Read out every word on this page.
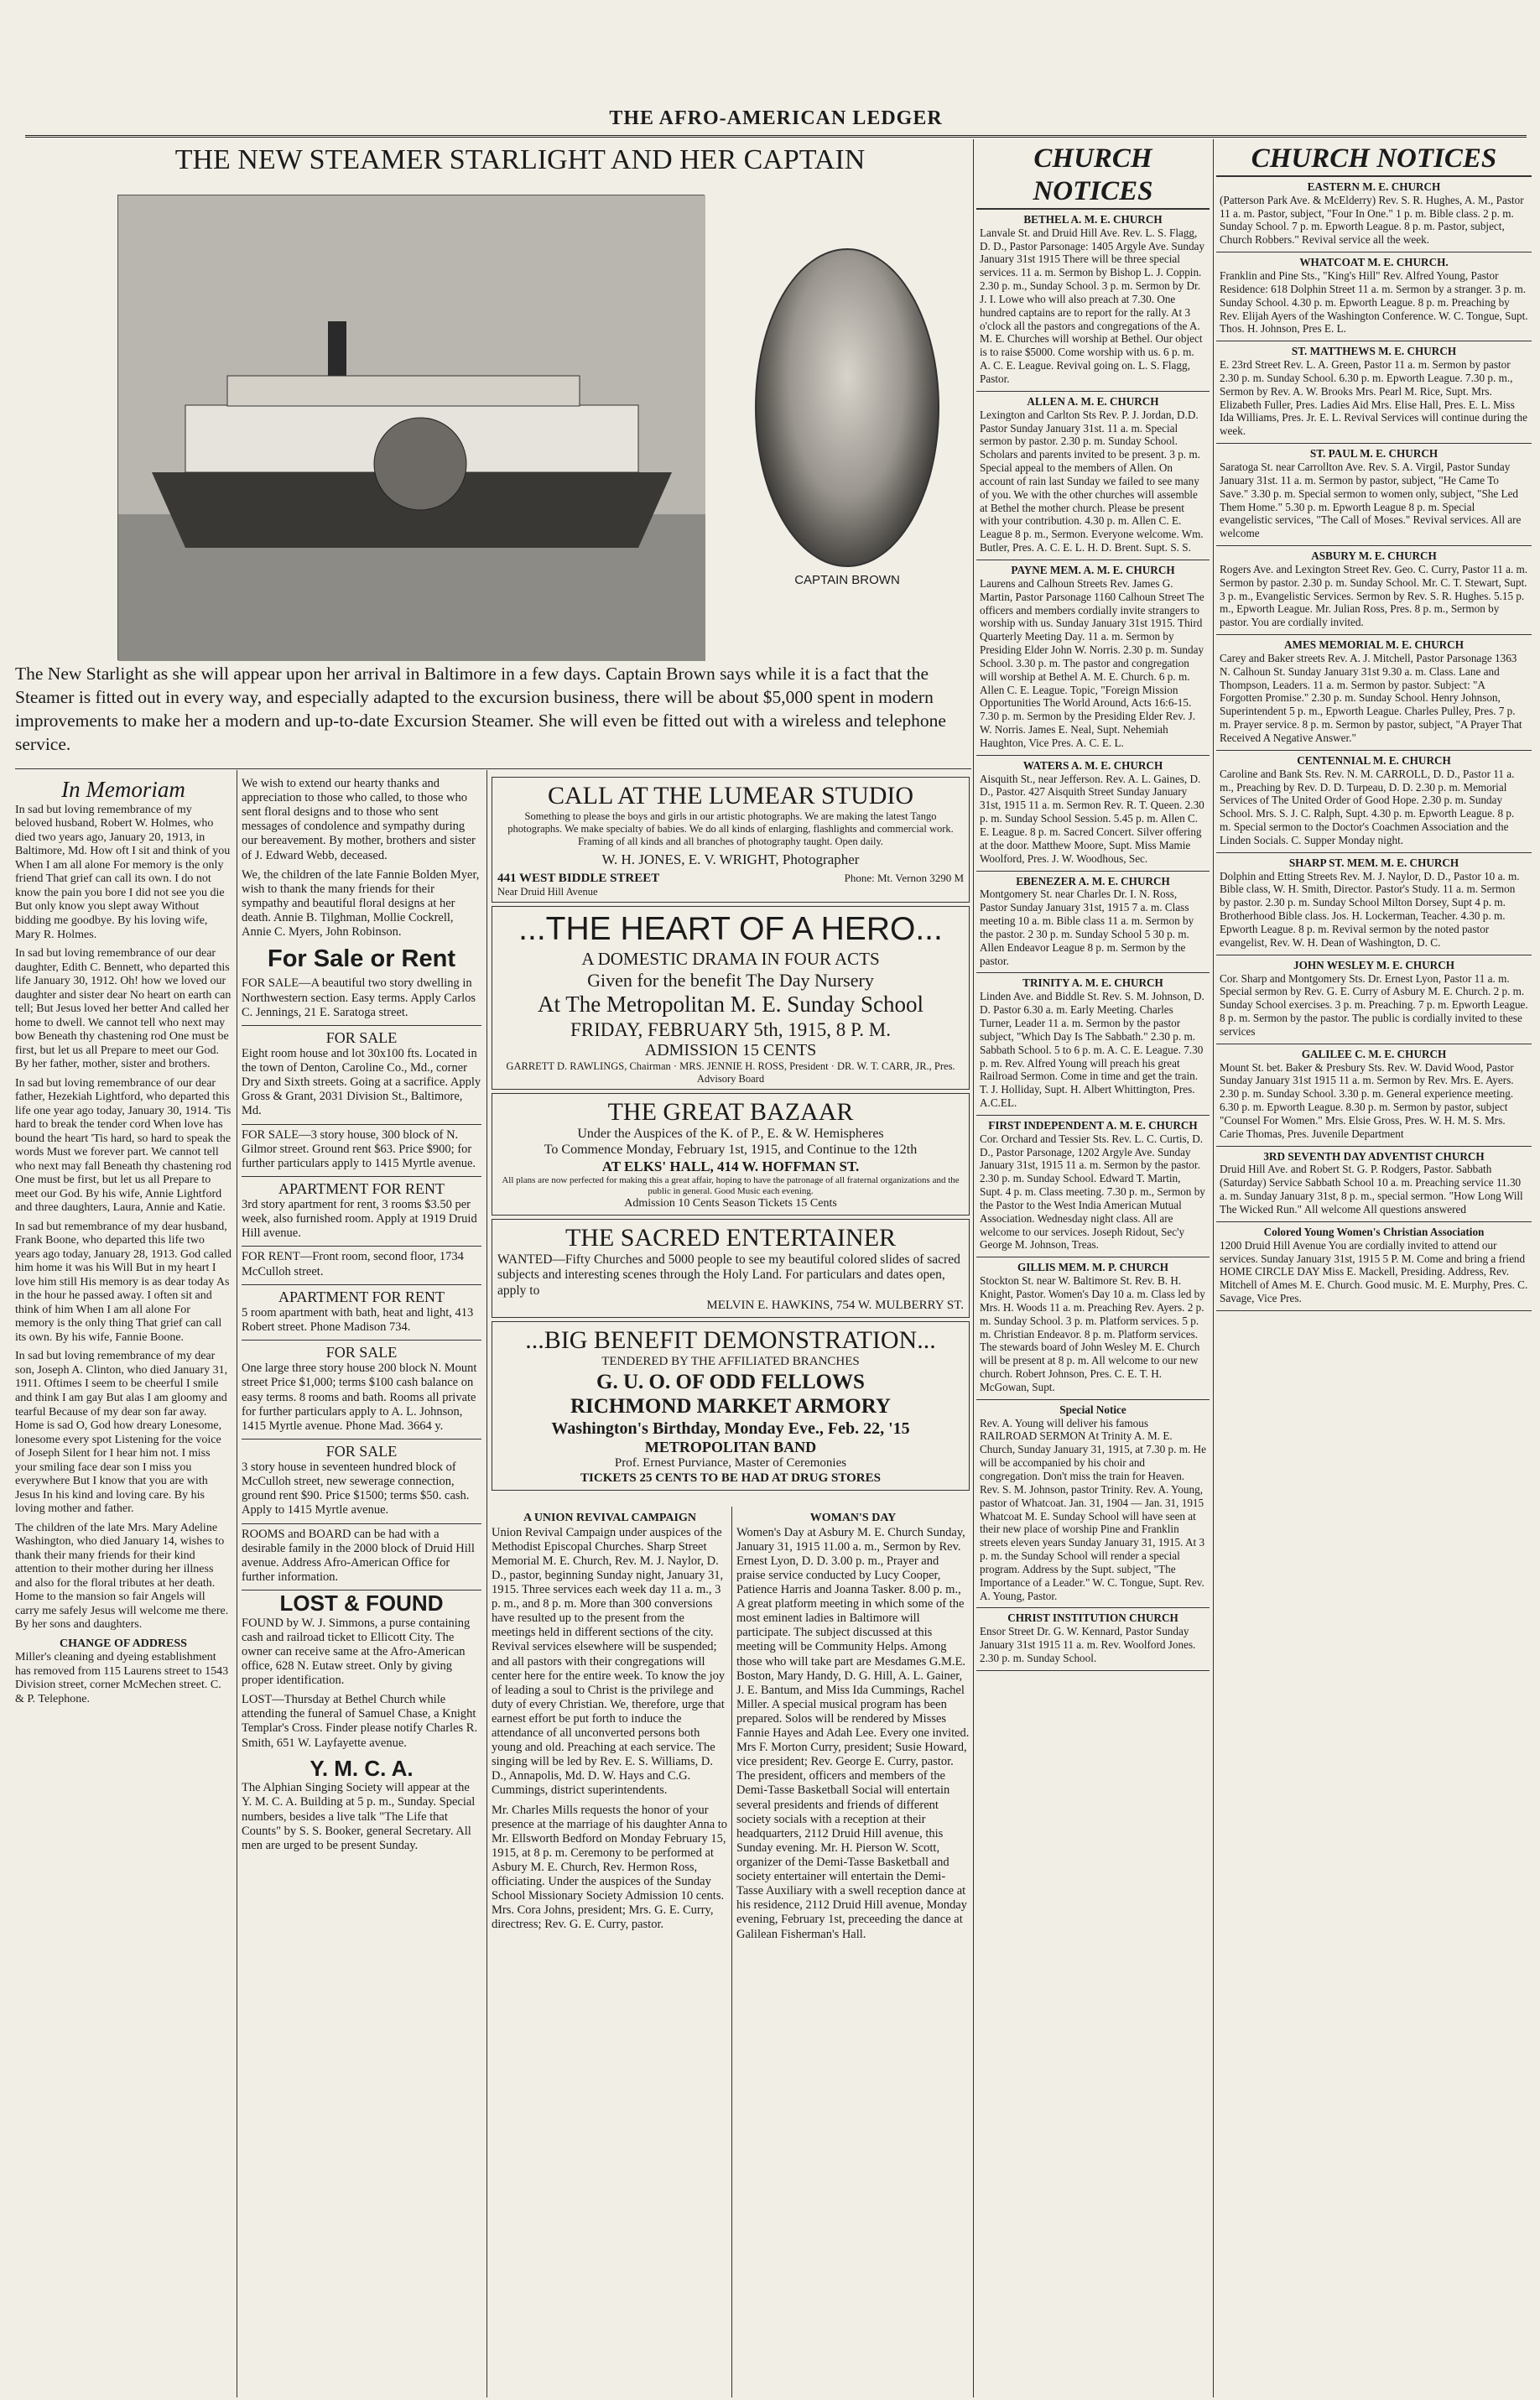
THE AFRO-AMERICAN LEDGER
THE NEW STEAMER STARLIGHT AND HER CAPTAIN
CAPTAIN BROWN
The New Starlight as she will appear upon her arrival in Baltimore in a few days. Captain Brown says while it is a fact that the Steamer is fitted out in every way, and especially adapted to the excursion business, there will be about $5,000 spent in modern improvements to make her a modern and up-to-date Excursion Steamer. She will even be fitted out with a wireless and telephone service.
In Memoriam

In sad but loving remembrance of my beloved husband, Robert W. Holmes, who died two years ago, January 20, 1913, in Baltimore, Md. How oft I sit and think of you When I am all alone For memory is the only friend That grief can call its own. I do not know the pain you bore I did not see you die But only know you slept away Without bidding me goodbye. By his loving wife, Mary R. Holmes.

In sad but loving remembrance of our dear daughter, Edith C. Bennett, who departed this life January 30, 1912. Oh! how we loved our daughter and sister dear No heart on earth can tell; But Jesus loved her better And called her home to dwell. We cannot tell who next may bow Beneath thy chastening rod One must be first, but let us all Prepare to meet our God. By her father, mother, sister and brothers.

In sad but loving remembrance of our dear father, Hezekiah Lightford, who departed this life one year ago today, January 30, 1914. 'Tis hard to break the tender cord When love has bound the heart 'Tis hard, so hard to speak the words Must we forever part. We cannot tell who next may fall Beneath thy chastening rod One must be first, but let us all Prepare to meet our God. By his wife, Annie Lightford and three daughters, Laura, Annie and Katie.

In sad but remembrance of my dear husband, Frank Boone, who departed this life two years ago today, January 28, 1913. God called him home it was his Will But in my heart I love him still His memory is as dear today As in the hour he passed away. I often sit and think of him When I am all alone For memory is the only thing That grief can call its own. By his wife, Fannie Boone.

In sad but loving remembrance of my dear son, Joseph A. Clinton, who died January 31, 1911. Oftimes I seem to be cheerful I smile and think I am gay But alas I am gloomy and tearful Because of my dear son far away. Home is sad O, God how dreary Lonesome, lonesome every spot Listening for the voice of Joseph Silent for I hear him not. I miss your smiling face dear son I miss you everywhere But I know that you are with Jesus In his kind and loving care. By his loving mother and father.

The children of the late Mrs. Mary Adeline Washington, who died January 14, wishes to thank their many friends for their kind attention to their mother during her illness and also for the floral tributes at her death. Home to the mansion so fair Angels will carry me safely Jesus will welcome me there. By her sons and daughters.

CHANGE OF ADDRESS

Miller's cleaning and dyeing establishment has removed from 115 Laurens street to 1543 Division street, corner McMechen street. C. & P. Telephone.

We wish to extend our hearty thanks and appreciation to those who called, to those who sent floral designs and to those who sent messages of condolence and sympathy during our bereavement. By mother, brothers and sister of J. Edward Webb, deceased.

We, the children of the late Fannie Bolden Myer, wish to thank the many friends for their sympathy and beautiful floral designs at her death. Annie B. Tilghman, Mollie Cockrell, Annie C. Myers, John Robinson.

For Sale or Rent
FOR SALE—A beautiful two story dwelling in Northwestern section. Easy terms. Apply Carlos C. Jennings, 21 E. Saratoga street.
FOR SALE
Eight room house and lot 30x100 fts. Located in the town of Denton, Caroline Co., Md., corner Dry and Sixth streets. Going at a sacrifice. Apply Gross & Grant, 2031 Division St., Baltimore, Md.
FOR SALE—3 story house, 300 block of N. Gilmor street. Ground rent $63. Price $900; for further particulars apply to 1415 Myrtle avenue.
APARTMENT FOR RENT
3rd story apartment for rent, 3 rooms $3.50 per week, also furnished room. Apply at 1919 Druid Hill avenue.
FOR RENT—Front room, second floor, 1734 McCulloh street.
APARTMENT FOR RENT
5 room apartment with bath, heat and light, 413 Robert street. Phone Madison 734.
FOR SALE
One large three story house 200 block N. Mount street Price $1,000; terms $100 cash balance on easy terms. 8 rooms and bath. Rooms all private for further particulars apply to A. L. Johnson, 1415 Myrtle avenue. Phone Mad. 3664 y.
FOR SALE
3 story house in seventeen hundred block of McCulloh street, new sewerage connection, ground rent $90. Price $1500; terms $50. cash. Apply to 1415 Myrtle avenue.
ROOMS and BOARD can be had with a desirable family in the 2000 block of Druid Hill avenue. Address Afro-American Office for further information.
LOST & FOUND

FOUND by W. J. Simmons, a purse containing cash and railroad ticket to Ellicott City. The owner can receive same at the Afro-American office, 628 N. Eutaw street. Only by giving proper identification.

LOST—Thursday at Bethel Church while attending the funeral of Samuel Chase, a Knight Templar's Cross. Finder please notify Charles R. Smith, 651 W. Layfayette avenue.

Y. M. C. A.

The Alphian Singing Society will appear at the Y. M. C. A. Building at 5 p. m., Sunday. Special numbers, besides a live talk "The Life that Counts" by S. S. Booker, general Secretary. All men are urged to be present Sunday.

CALL AT THE LUMEAR STUDIO
Something to please the boys and girls in our artistic photographs. We are making the latest Tango photographs. We make specialty of babies. We do all kinds of enlarging, flashlights and commercial work. Framing of all kinds and all branches of photography taught. Open daily.
W. H. JONES, E. V. WRIGHT, Photographer
441 WEST BIDDLE STREET	Phone: Mt. Vernon 3290 M
Near Druid Hill Avenue
...THE HEART OF A HERO...
A DOMESTIC DRAMA IN FOUR ACTS
Given for the benefit The Day Nursery
At The Metropolitan M. E. Sunday School
FRIDAY, FEBRUARY 5th, 1915, 8 P. M.
ADMISSION 15 CENTS
GARRETT D. RAWLINGS, Chairman · MRS. JENNIE H. ROSS, President · DR. W. T. CARR, JR., Pres. Advisory Board
THE GREAT BAZAAR
Under the Auspices of the K. of P., E. & W. Hemispheres
To Commence Monday, February 1st, 1915, and Continue to the 12th
AT ELKS' HALL, 414 W. HOFFMAN ST.
All plans are now perfected for making this a great affair, hoping to have the patronage of all fraternal organizations and the public in general. Good Music each evening.
Admission 10 Cents Season Tickets 15 Cents
THE SACRED ENTERTAINER
WANTED—Fifty Churches and 5000 people to see my beautiful colored slides of sacred subjects and interesting scenes through the Holy Land. For particulars and dates open, apply to
MELVIN E. HAWKINS, 754 W. MULBERRY ST.
...BIG BENEFIT DEMONSTRATION...
TENDERED BY THE AFFILIATED BRANCHES
G. U. O. OF ODD FELLOWS
RICHMOND MARKET ARMORY
Washington's Birthday, Monday Eve., Feb. 22, '15
METROPOLITAN BAND
Prof. Ernest Purviance, Master of Ceremonies
TICKETS 25 CENTS TO BE HAD AT DRUG STORES
A UNION REVIVAL CAMPAIGN

Union Revival Campaign under auspices of the Methodist Episcopal Churches. Sharp Street Memorial M. E. Church, Rev. M. J. Naylor, D. D., pastor, beginning Sunday night, January 31, 1915. Three services each week day 11 a. m., 3 p. m., and 8 p. m. More than 300 conversions have resulted up to the present from the meetings held in different sections of the city. Revival services elsewhere will be suspended; and all pastors with their congregations will center here for the entire week. To know the joy of leading a soul to Christ is the privilege and duty of every Christian. We, therefore, urge that earnest effort be put forth to induce the attendance of all unconverted persons both young and old. Preaching at each service. The singing will be led by Rev. E. S. Williams, D. D., Annapolis, Md. D. W. Hays and C.G. Cummings, district superintendents.

Mr. Charles Mills requests the honor of your presence at the marriage of his daughter Anna to Mr. Ellsworth Bedford on Monday February 15, 1915, at 8 p. m. Ceremony to be performed at Asbury M. E. Church, Rev. Hermon Ross, officiating. Under the auspices of the Sunday School Missionary Society Admission 10 cents. Mrs. Cora Johns, president; Mrs. G. E. Curry, directress; Rev. G. E. Curry, pastor.

WOMAN'S DAY

Women's Day at Asbury M. E. Church Sunday, January 31, 1915 11.00 a. m., Sermon by Rev. Ernest Lyon, D. D. 3.00 p. m., Prayer and praise service conducted by Lucy Cooper, Patience Harris and Joanna Tasker. 8.00 p. m., A great platform meeting in which some of the most eminent ladies in Baltimore will participate. The subject discussed at this meeting will be Community Helps. Among those who will take part are Mesdames G.M.E. Boston, Mary Handy, D. G. Hill, A. L. Gainer, J. E. Bantum, and Miss Ida Cummings, Rachel Miller. A special musical program has been prepared. Solos will be rendered by Misses Fannie Hayes and Adah Lee. Every one invited. Mrs F. Morton Curry, president; Susie Howard, vice president; Rev. George E. Curry, pastor. The president, officers and members of the Demi-Tasse Basketball Social will entertain several presidents and friends of different society socials with a reception at their headquarters, 2112 Druid Hill avenue, this Sunday evening. Mr. H. Pierson W. Scott, organizer of the Demi-Tasse Basketball and society entertainer will entertain the Demi-Tasse Auxiliary with a swell reception dance at his residence, 2112 Druid Hill avenue, Monday evening, February 1st, preceeding the dance at Galilean Fisherman's Hall.

CHURCH NOTICES
BETHEL A. M. E. CHURCH
Lanvale St. and Druid Hill Ave. Rev. L. S. Flagg, D. D., Pastor Parsonage: 1405 Argyle Ave. Sunday January 31st 1915 There will be three special services. 11 a. m. Sermon by Bishop L. J. Coppin. 2.30 p. m., Sunday School. 3 p. m. Sermon by Dr. J. I. Lowe who will also preach at 7.30. One hundred captains are to report for the rally. At 3 o'clock all the pastors and congregations of the A. M. E. Churches will worship at Bethel. Our object is to raise $5000. Come worship with us. 6 p. m. A. C. E. League. Revival going on. L. S. Flagg, Pastor.
ALLEN A. M. E. CHURCH
Lexington and Carlton Sts Rev. P. J. Jordan, D.D. Pastor Sunday January 31st. 11 a. m. Special sermon by pastor. 2.30 p. m. Sunday School. Scholars and parents invited to be present. 3 p. m. Special appeal to the members of Allen. On account of rain last Sunday we failed to see many of you. We with the other churches will assemble at Bethel the mother church. Please be present with your contribution. 4.30 p. m. Allen C. E. League 8 p. m., Sermon. Everyone welcome. Wm. Butler, Pres. A. C. E. L. H. D. Brent. Supt. S. S.
PAYNE MEM. A. M. E. CHURCH
Laurens and Calhoun Streets Rev. James G. Martin, Pastor Parsonage 1160 Calhoun Street The officers and members cordially invite strangers to worship with us. Sunday January 31st 1915. Third Quarterly Meeting Day. 11 a. m. Sermon by Presiding Elder John W. Norris. 2.30 p. m. Sunday School. 3.30 p. m. The pastor and congregation will worship at Bethel A. M. E. Church. 6 p. m. Allen C. E. League. Topic, "Foreign Mission Opportunities The World Around, Acts 16:6-15. 7.30 p. m. Sermon by the Presiding Elder Rev. J. W. Norris. James E. Neal, Supt. Nehemiah Haughton, Vice Pres. A. C. E. L.
WATERS A. M. E. CHURCH
Aisquith St., near Jefferson. Rev. A. L. Gaines, D. D., Pastor. 427 Aisquith Street Sunday January 31st, 1915 11 a. m. Sermon Rev. R. T. Queen. 2.30 p. m. Sunday School Session. 5.45 p. m. Allen C. E. League. 8 p. m. Sacred Concert. Silver offering at the door. Matthew Moore, Supt. Miss Mamie Woolford, Pres. J. W. Woodhous, Sec.
EBENEZER A. M. E. CHURCH
Montgomery St. near Charles Dr. I. N. Ross, Pastor Sunday January 31st, 1915 7 a. m. Class meeting 10 a. m. Bible class 11 a. m. Sermon by the pastor. 2 30 p. m. Sunday School 5 30 p. m. Allen Endeavor League 8 p. m. Sermon by the pastor.
TRINITY A. M. E. CHURCH
Linden Ave. and Biddle St. Rev. S. M. Johnson, D. D. Pastor 6.30 a. m. Early Meeting. Charles Turner, Leader 11 a. m. Sermon by the pastor subject, "Which Day Is The Sabbath." 2.30 p. m. Sabbath School. 5 to 6 p. m. A. C. E. League. 7.30 p. m. Rev. Alfred Young will preach his great Railroad Sermon. Come in time and get the train. T. J. Holliday, Supt. H. Albert Whittington, Pres. A.C.EL.
FIRST INDEPENDENT A. M. E. CHURCH
Cor. Orchard and Tessier Sts. Rev. L. C. Curtis, D. D., Pastor Parsonage, 1202 Argyle Ave. Sunday January 31st, 1915 11 a. m. Sermon by the pastor. 2.30 p. m. Sunday School. Edward T. Martin, Supt. 4 p. m. Class meeting. 7.30 p. m., Sermon by the Pastor to the West India American Mutual Association. Wednesday night class. All are welcome to our services. Joseph Ridout, Sec'y George M. Johnson, Treas.
GILLIS MEM. M. P. CHURCH
Stockton St. near W. Baltimore St. Rev. B. H. Knight, Pastor. Women's Day 10 a. m. Class led by Mrs. H. Woods 11 a. m. Preaching Rev. Ayers. 2 p. m. Sunday School. 3 p. m. Platform services. 5 p. m. Christian Endeavor. 8 p. m. Platform services. The stewards board of John Wesley M. E. Church will be present at 8 p. m. All welcome to our new church. Robert Johnson, Pres. C. E. T. H. McGowan, Supt.
Special Notice
Rev. A. Young will deliver his famous RAILROAD SERMON At Trinity A. M. E. Church, Sunday January 31, 1915, at 7.30 p. m. He will be accompanied by his choir and congregation. Don't miss the train for Heaven. Rev. S. M. Johnson, pastor Trinity. Rev. A. Young, pastor of Whatcoat. Jan. 31, 1904 — Jan. 31, 1915 Whatcoat M. E. Sunday School will have seen at their new place of worship Pine and Franklin streets eleven years Sunday January 31, 1915. At 3 p. m. the Sunday School will render a special program. Address by the Supt. subject, "The Importance of a Leader." W. C. Tongue, Supt. Rev. A. Young, Pastor.
CHRIST INSTITUTION CHURCH
Ensor Street Dr. G. W. Kennard, Pastor Sunday January 31st 1915 11 a. m. Rev. Woolford Jones. 2.30 p. m. Sunday School.
CHURCH NOTICES
EASTERN M. E. CHURCH
(Patterson Park Ave. & McElderry) Rev. S. R. Hughes, A. M., Pastor 11 a. m. Pastor, subject, "Four In One." 1 p. m. Bible class. 2 p. m. Sunday School. 7 p. m. Epworth League. 8 p. m. Pastor, subject, Church Robbers." Revival service all the week.
WHATCOAT M. E. CHURCH.
Franklin and Pine Sts., "King's Hill" Rev. Alfred Young, Pastor Residence: 618 Dolphin Street 11 a. m. Sermon by a stranger. 3 p. m. Sunday School. 4.30 p. m. Epworth League. 8 p. m. Preaching by Rev. Elijah Ayers of the Washington Conference. W. C. Tongue, Supt. Thos. H. Johnson, Pres E. L.
ST. MATTHEWS M. E. CHURCH
E. 23rd Street Rev. L. A. Green, Pastor 11 a. m. Sermon by pastor 2.30 p. m. Sunday School. 6.30 p. m. Epworth League. 7.30 p. m., Sermon by Rev. A. W. Brooks Mrs. Pearl M. Rice, Supt. Mrs. Elizabeth Fuller, Pres. Ladies Aid Mrs. Elise Hall, Pres. E. L. Miss Ida Williams, Pres. Jr. E. L. Revival Services will continue during the week.
ST. PAUL M. E. CHURCH
Saratoga St. near Carrollton Ave. Rev. S. A. Virgil, Pastor Sunday January 31st. 11 a. m. Sermon by pastor, subject, "He Came To Save." 3.30 p. m. Special sermon to women only, subject, "She Led Them Home." 5.30 p. m. Epworth League 8 p. m. Special evangelistic services, "The Call of Moses." Revival services. All are welcome
ASBURY M. E. CHURCH
Rogers Ave. and Lexington Street Rev. Geo. C. Curry, Pastor 11 a. m. Sermon by pastor. 2.30 p. m. Sunday School. Mr. C. T. Stewart, Supt. 3 p. m., Evangelistic Services. Sermon by Rev. S. R. Hughes. 5.15 p. m., Epworth League. Mr. Julian Ross, Pres. 8 p. m., Sermon by pastor. You are cordially invited.
AMES MEMORIAL M. E. CHURCH
Carey and Baker streets Rev. A. J. Mitchell, Pastor Parsonage 1363 N. Calhoun St. Sunday January 31st 9.30 a. m. Class. Lane and Thompson, Leaders. 11 a. m. Sermon by pastor. Subject: "A Forgotten Promise." 2.30 p. m. Sunday School. Henry Johnson, Superintendent 5 p. m., Epworth League. Charles Pulley, Pres. 7 p. m. Prayer service. 8 p. m. Sermon by pastor, subject, "A Prayer That Received A Negative Answer."
CENTENNIAL M. E. CHURCH
Caroline and Bank Sts. Rev. N. M. CARROLL, D. D., Pastor 11 a. m., Preaching by Rev. D. D. Turpeau, D. D. 2.30 p. m. Memorial Services of The United Order of Good Hope. 2.30 p. m. Sunday School. Mrs. S. J. C. Ralph, Supt. 4.30 p. m. Epworth League. 8 p. m. Special sermon to the Doctor's Coachmen Association and the Linden Socials. C. Supper Monday night.
SHARP ST. MEM. M. E. CHURCH
Dolphin and Etting Streets Rev. M. J. Naylor, D. D., Pastor 10 a. m. Bible class, W. H. Smith, Director. Pastor's Study. 11 a. m. Sermon by pastor. 2.30 p. m. Sunday School Milton Dorsey, Supt 4 p. m. Brotherhood Bible class. Jos. H. Lockerman, Teacher. 4.30 p. m. Epworth League. 8 p. m. Revival sermon by the noted pastor evangelist, Rev. W. H. Dean of Washington, D. C.
JOHN WESLEY M. E. CHURCH
Cor. Sharp and Montgomery Sts. Dr. Ernest Lyon, Pastor 11 a. m. Special sermon by Rev. G. E. Curry of Asbury M. E. Church. 2 p. m. Sunday School exercises. 3 p. m. Preaching. 7 p. m. Epworth League. 8 p. m. Sermon by the pastor. The public is cordially invited to these services
GALILEE C. M. E. CHURCH
Mount St. bet. Baker & Presbury Sts. Rev. W. David Wood, Pastor Sunday January 31st 1915 11 a. m. Sermon by Rev. Mrs. E. Ayers. 2.30 p. m. Sunday School. 3.30 p. m. General experience meeting. 6.30 p. m. Epworth League. 8.30 p. m. Sermon by pastor, subject "Counsel For Women." Mrs. Elsie Gross, Pres. W. H. M. S. Mrs. Carie Thomas, Pres. Juvenile Department
3RD SEVENTH DAY ADVENTIST CHURCH
Druid Hill Ave. and Robert St. G. P. Rodgers, Pastor. Sabbath (Saturday) Service Sabbath School 10 a. m. Preaching service 11.30 a. m. Sunday January 31st, 8 p. m., special sermon. "How Long Will The Wicked Run." All welcome All questions answered
Colored Young Women's Christian Association
1200 Druid Hill Avenue You are cordially invited to attend our services. Sunday January 31st, 1915 5 P. M. Come and bring a friend HOME CIRCLE DAY Miss E. Mackell, Presiding. Address, Rev. Mitchell of Ames M. E. Church. Good music. M. E. Murphy, Pres. C. Savage, Vice Pres.
